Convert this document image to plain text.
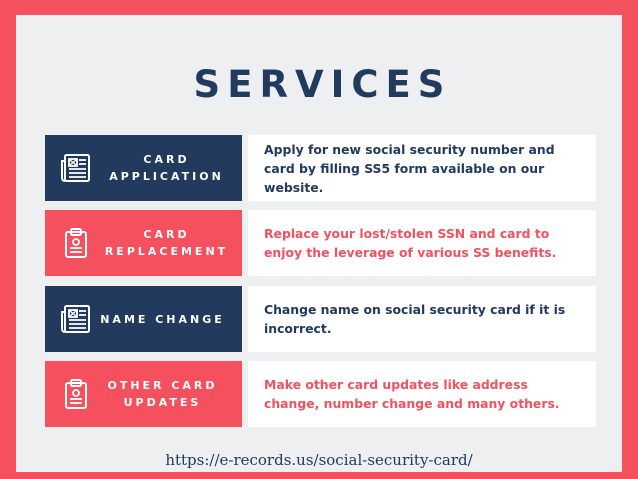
SERVICES
CARD
APPLICATION
Apply for new social security number and card by filling SS5 form available on our website.
CARD
REPLACEMENT
Replace your lost/stolen SSN and card to enjoy the leverage of various SS benefits.
NAME CHANGE
Change name on social security card if it is incorrect.
OTHER CARD
UPDATES
Make other card updates like address change, number change and many others.
https://e-records.us/social-security-card/
